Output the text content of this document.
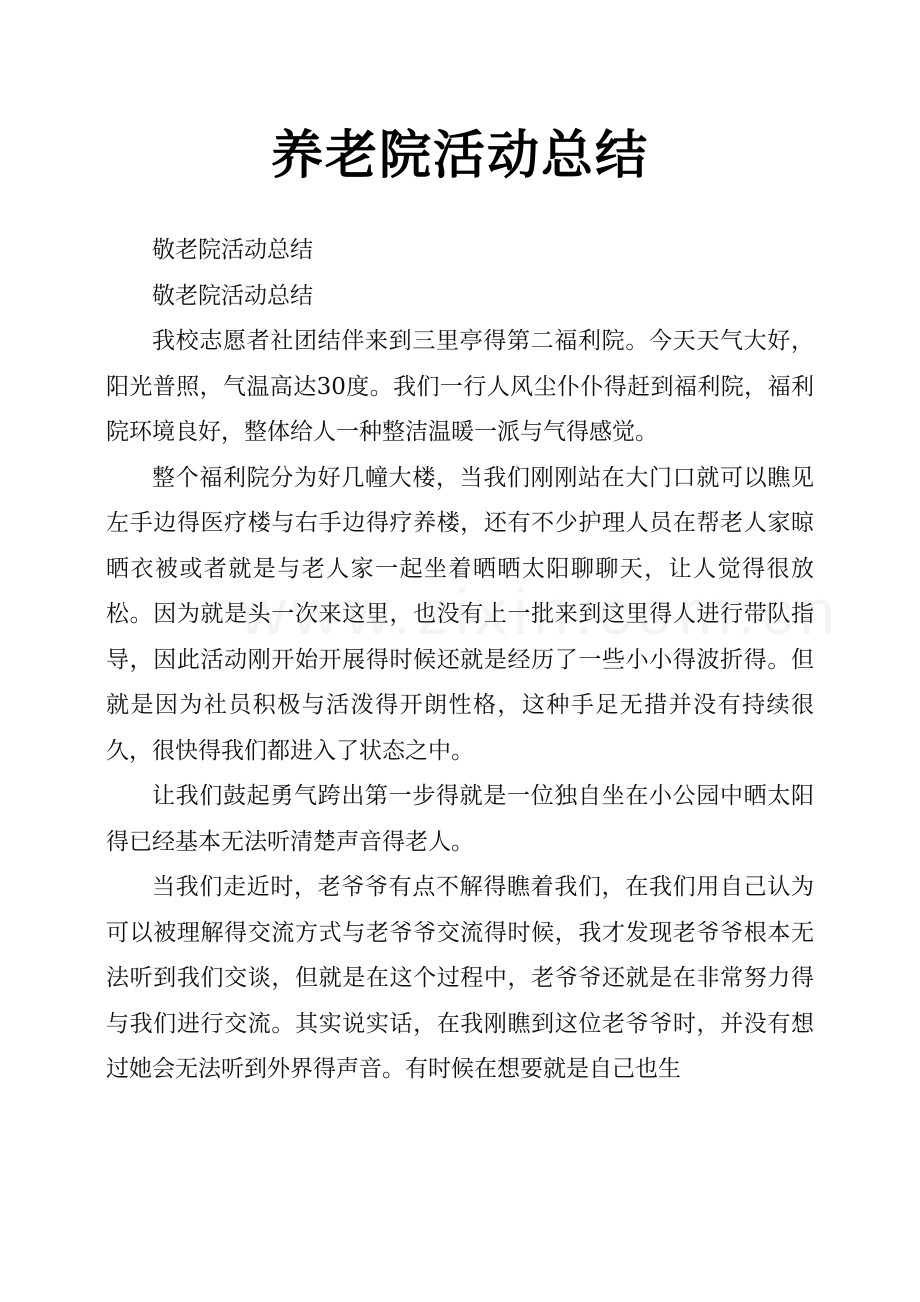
养老院活动总结

敬老院活动总结

敬老院活动总结

我校志愿者社团结伴来到三里亭得第二福利院。今天天气大好，阳光普照，气温高达30度。我们一行人风尘仆仆得赶到福利院，福利院环境良好，整体给人一种整洁温暖一派与气得感觉。

整个福利院分为好几幢大楼，当我们刚刚站在大门口就可以瞧见左手边得医疗楼与右手边得疗养楼，还有不少护理人员在帮老人家晾晒衣被或者就是与老人家一起坐着晒晒太阳聊聊天，让人觉得很放松。因为就是头一次来这里，也没有上一批来到这里得人进行带队指导，因此活动刚开始开展得时候还就是经历了一些小小得波折得。但就是因为社员积极与活泼得开朗性格，这种手足无措并没有持续很久，很快得我们都进入了状态之中。

让我们鼓起勇气跨出第一步得就是一位独自坐在小公园中晒太阳得已经基本无法听清楚声音得老人。

当我们走近时，老爷爷有点不解得瞧着我们，在我们用自己认为可以被理解得交流方式与老爷爷交流得时候，我才发现老爷爷根本无法听到我们交谈，但就是在这个过程中，老爷爷还就是在非常努力得与我们进行交流。其实说实话，在我刚瞧到这位老爷爷时，并没有想过她会无法听到外界得声音。有时候在想要就是自己也生
